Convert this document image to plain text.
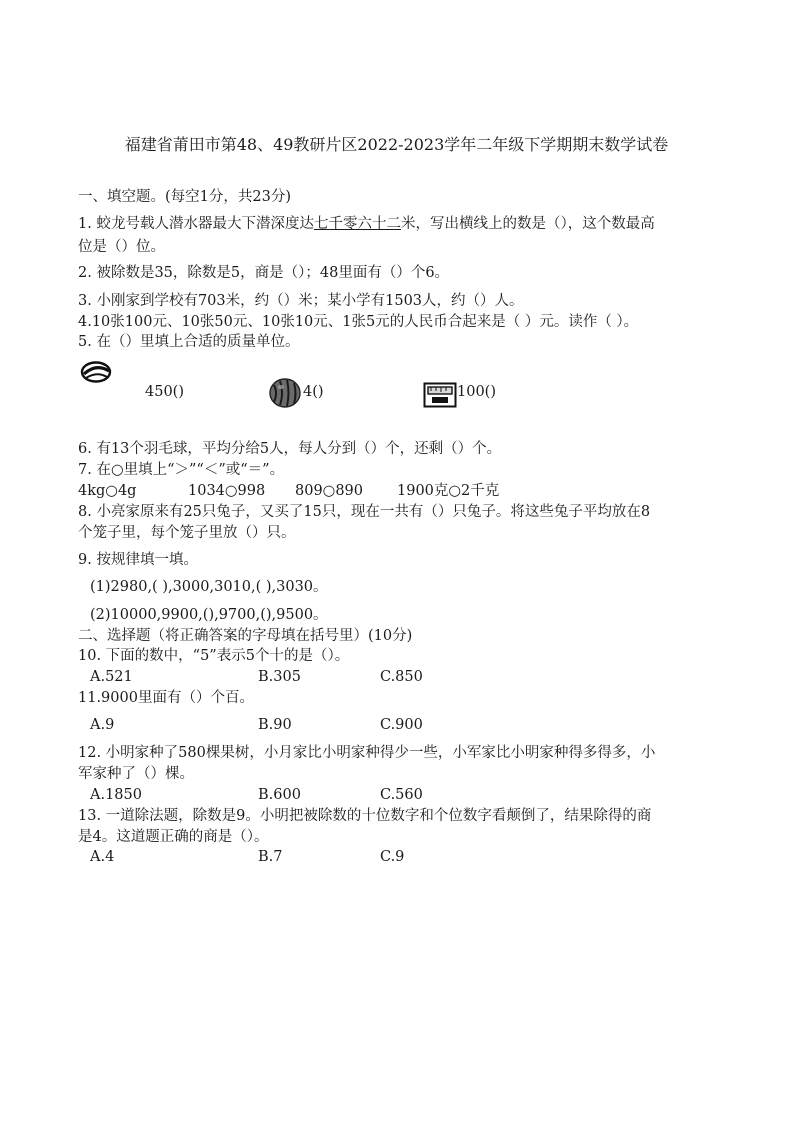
福建省莆田市第48、49教研片区2022-2023学年二年级下学期期末数学试卷
一、填空题。(每空1分，共23分)
1. 蛟龙号载人潜水器最大下潜深度达七千零六十二米，写出横线上的数是（），这个数最高
位是（）位。
2. 被除数是35，除数是5，商是（）；48里面有（）个6。
3. 小刚家到学校有703米，约（）米；某小学有1503人，约（）人。
4.10张100元、10张50元、10张10元、1张5元的人民币合起来是（ ）元。读作（ ）。
5. 在（）里填上合适的质量单位。
450()	4()	100()
6. 有13个羽毛球，平均分给5人，每人分到（）个，还剩（）个。
7. 在○里填上“＞”“＜”或“＝”。
4kg○4g	1034○998 809○890 1900克○2千克
8. 小亮家原来有25只兔子，又买了15只，现在一共有（）只兔子。将这些兔子平均放在8
个笼子里，每个笼子里放（）只。
9. 按规律填一填。
(1)2980,( ),3000,3010,( ),3030。
(2)10000,9900,(),9700,(),9500。
二、选择题（将正确答案的字母填在括号里）(10分)
10. 下面的数中，“5”表示5个十的是（）。
A.521	B.305	C.850
11.9000里面有（）个百。
A.9	B.90	C.900
12. 小明家种了580棵果树，小月家比小明家种得少一些，小军家比小明家种得多得多，小
军家种了（）棵。
A.1850	B.600	C.560
13. 一道除法题，除数是9。小明把被除数的十位数字和个位数字看颠倒了，结果除得的商
是4。这道题正确的商是（）。
A.4	B.7	C.9
